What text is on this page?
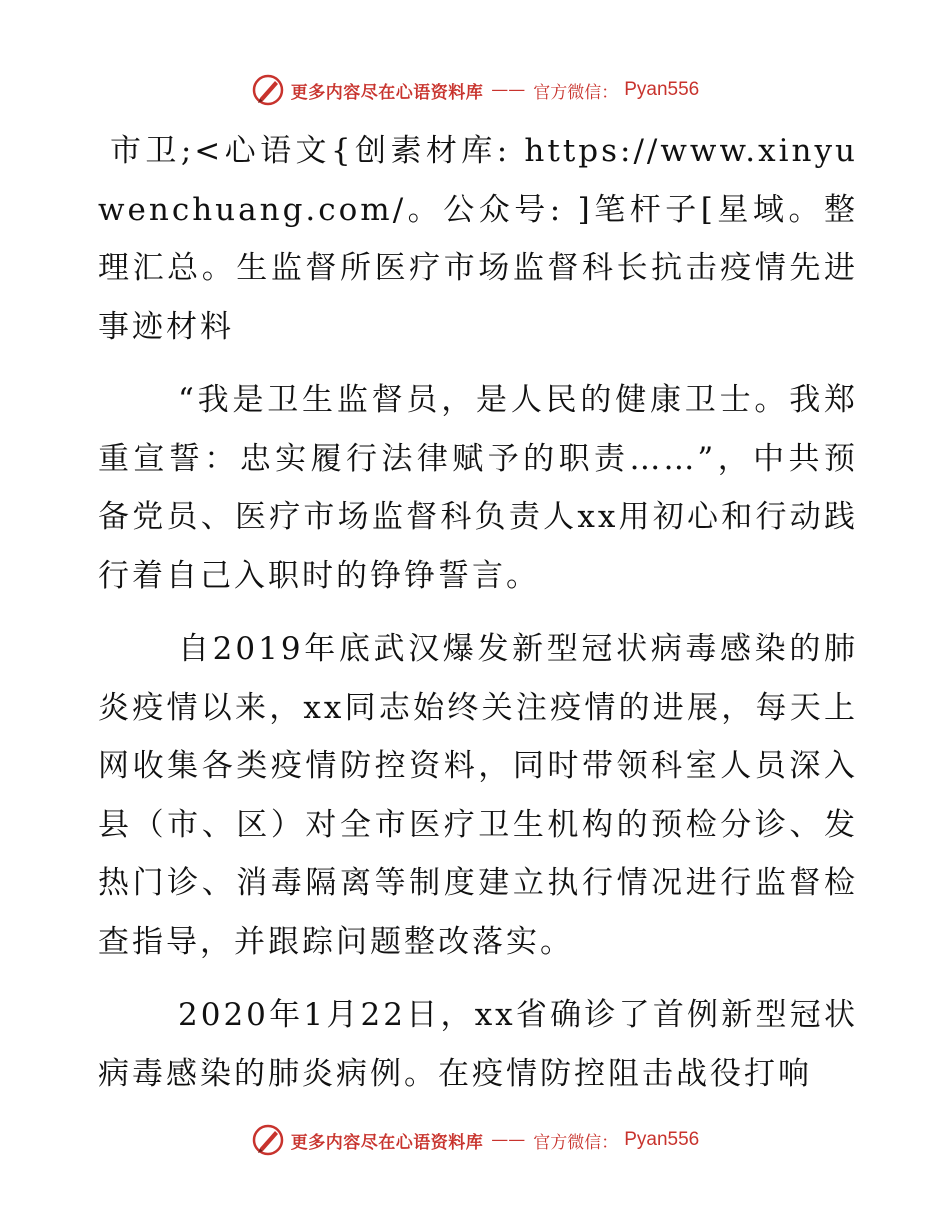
更多内容尽在心语资料库 —— 官方微信： Pyan556

市卫;<心语文{创素材库: https://www.xinyuwenchuang.com/。公众号: ]笔杆子[星域。整理汇总。生监督所医疗市场监督科长抗击疫情先进事迹材料

“我是卫生监督员，是人民的健康卫士。我郑重宣誓：忠实履行法律赋予的职责……”，中共预备党员、医疗市场监督科负责人xx用初心和行动践行着自己入职时的铮铮誓言。

自2019年底武汉爆发新型冠状病毒感染的肺炎疫情以来，xx同志始终关注疫情的进展，每天上网收集各类疫情防控资料，同时带领科室人员深入县（市、区）对全市医疗卫生机构的预检分诊、发热门诊、消毒隔离等制度建立执行情况进行监督检查指导，并跟踪问题整改落实。

2020年1月22日，xx省确诊了首例新型冠状病毒感染的肺炎病例。在疫情防控阻击战役打响

更多内容尽在心语资料库 —— 官方微信： Pyan556
